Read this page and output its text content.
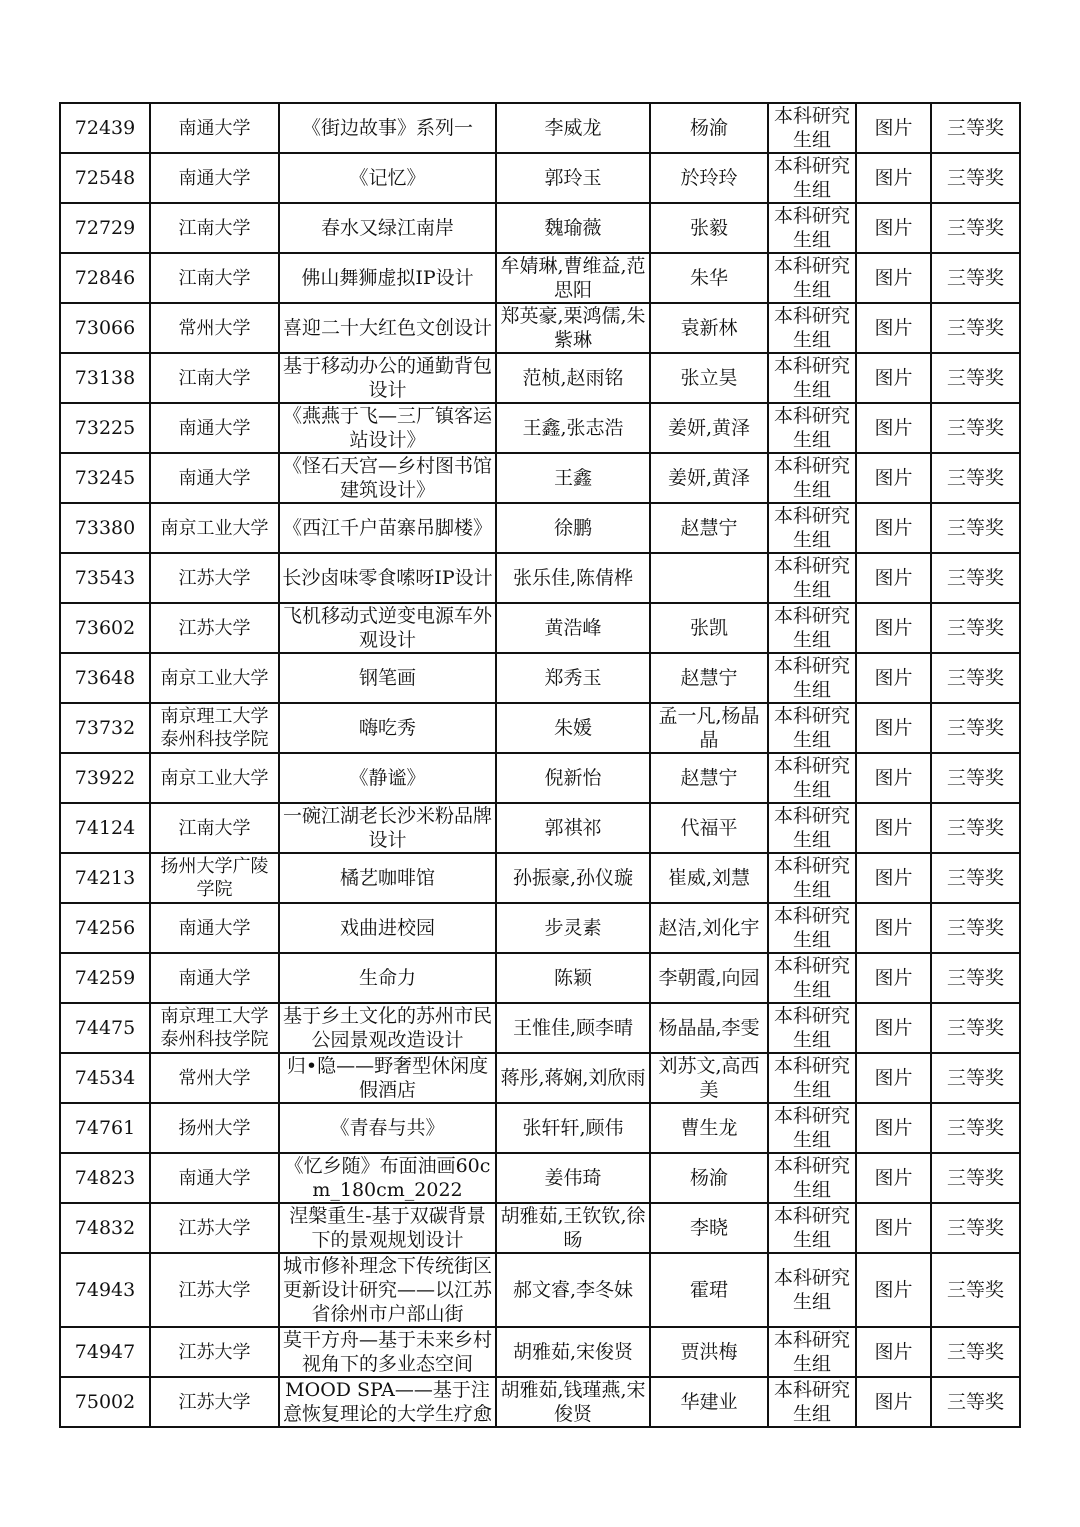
72439	南通大学	《街边故事》系列一	李威龙	杨渝	本科研究生组	图片	三等奖

72548	南通大学	《记忆》	郭玲玉	於玲玲	本科研究生组	图片	三等奖

72729	江南大学	春水又绿江南岸	魏瑜薇	张毅	本科研究生组	图片	三等奖

72846	江南大学	佛山舞狮虚拟IP设计	牟婧琳,曹维益,范思阳	朱华	本科研究生组	图片	三等奖

73066	常州大学	喜迎二十大红色文创设计	郑英豪,栗鸿儒,朱紫琳	袁新林	本科研究生组	图片	三等奖

73138	江南大学	基于移动办公的通勤背包设计	范桢,赵雨铭	张立昊	本科研究生组	图片	三等奖

73225	南通大学	《燕燕于飞—三厂镇客运站设计》	王鑫,张志浩	姜妍,黄泽	本科研究生组	图片	三等奖

73245	南通大学	《怪石天宫—乡村图书馆建筑设计》	王鑫	姜妍,黄泽	本科研究生组	图片	三等奖

73380	南京工业大学	《西江千户苗寨吊脚楼》	徐鹏	赵慧宁	本科研究生组	图片	三等奖

73543	江苏大学	长沙卤味零食嗦呀IP设计	张乐佳,陈倩桦		本科研究生组	图片	三等奖

73602	江苏大学	飞机移动式逆变电源车外观设计	黄浩峰	张凯	本科研究生组	图片	三等奖

73648	南京工业大学	钢笔画	郑秀玉	赵慧宁	本科研究生组	图片	三等奖

73732	南京理工大学泰州科技学院	嗨吃秀	朱媛	孟一凡,杨晶晶	本科研究生组	图片	三等奖

73922	南京工业大学	《静谧》	倪新怡	赵慧宁	本科研究生组	图片	三等奖

74124	江南大学	一碗江湖老长沙米粉品牌设计	郭祺祁	代福平	本科研究生组	图片	三等奖

74213	扬州大学广陵学院	橘艺咖啡馆	孙振豪,孙仪璇	崔威,刘慧	本科研究生组	图片	三等奖

74256	南通大学	戏曲进校园	步灵素	赵洁,刘化宇	本科研究生组	图片	三等奖

74259	南通大学	生命力	陈颖	李朝霞,向园	本科研究生组	图片	三等奖

74475	南京理工大学泰州科技学院	基于乡土文化的苏州市民公园景观改造设计	王惟佳,顾李晴	杨晶晶,李雯	本科研究生组	图片	三等奖

74534	常州大学	归•隐——野奢型休闲度假酒店	蒋彤,蒋娴,刘欣雨	刘苏文,高西美	本科研究生组	图片	三等奖

74761	扬州大学	《青春与共》	张轩轩,顾伟	曹生龙	本科研究生组	图片	三等奖

74823	南通大学	《忆乡随》布面油画60cm_180cm_2022	姜伟琦	杨渝	本科研究生组	图片	三等奖

74832	江苏大学	涅槃重生-基于双碳背景下的景观规划设计	胡雅茹,王钦钦,徐旸	李晓	本科研究生组	图片	三等奖

74943	江苏大学	城市修补理念下传统街区更新设计研究——以江苏省徐州市户部山街	郝文睿,李冬妹	霍珺	本科研究生组	图片	三等奖

74947	江苏大学	莫干方舟—基于未来乡村视角下的多业态空间	胡雅茹,宋俊贤	贾洪梅	本科研究生组	图片	三等奖

75002	江苏大学	MOOD SPA——基于注意恢复理论的大学生疗愈	胡雅茹,钱瑾燕,宋俊贤	华建业	本科研究生组	图片	三等奖
